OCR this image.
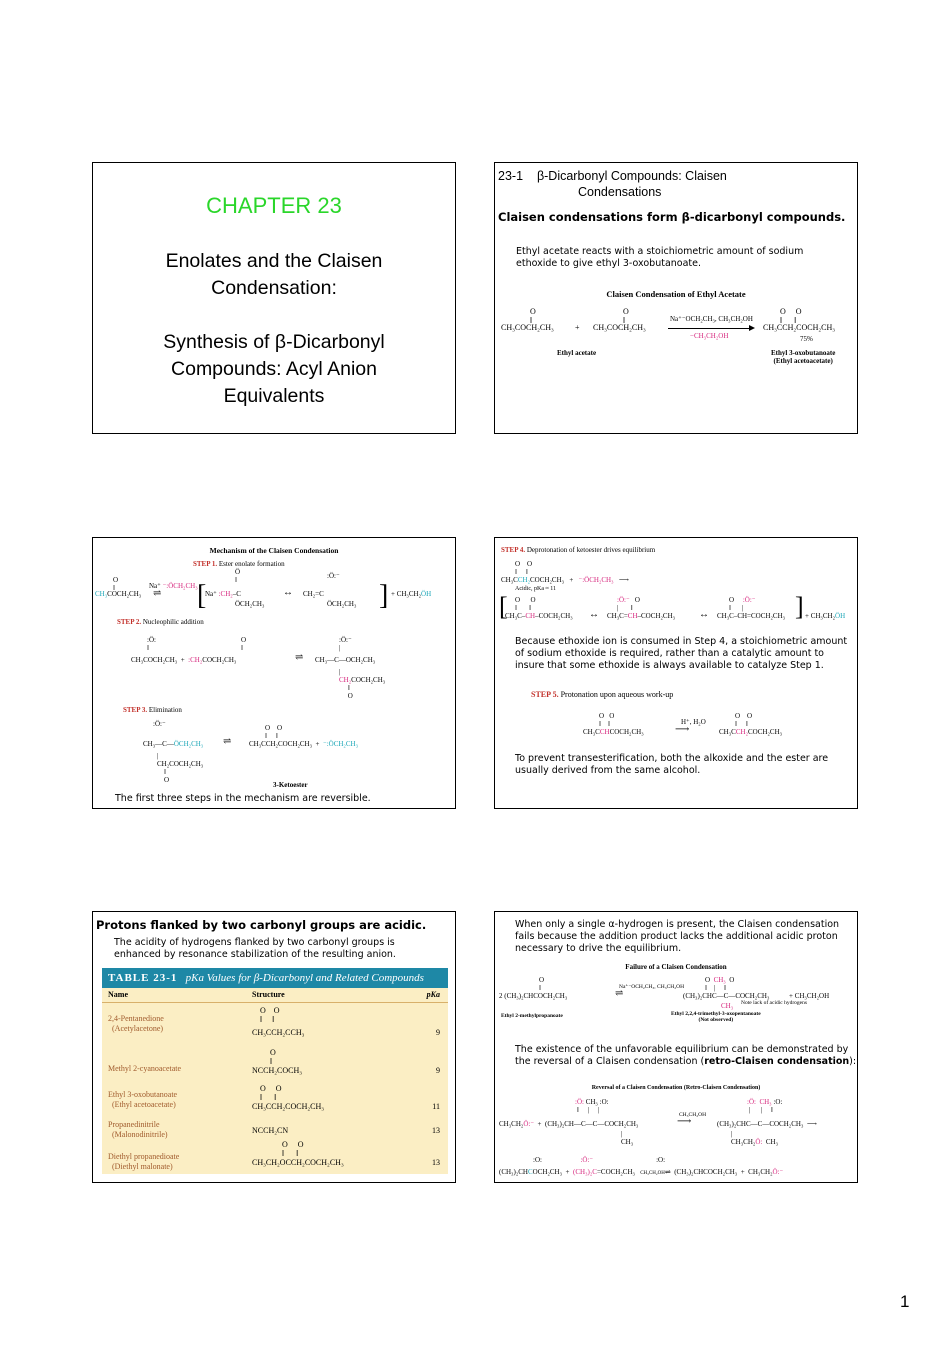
CHAPTER 23
Enolates and the Claisen
Condensation:
Synthesis of β-Dicarbonyl
Compounds: Acyl Anion
Equivalents
23-1 β-Dicarbonyl Compounds: Claisen
Condensations
Claisen condensations form β-dicarbonyl compounds.
Ethyl acetate reacts with a stoichiometric amount of sodium ethoxide to give ethyl 3-oxobutanoate.
Claisen Condensation of Ethyl Acetate
O
‖
CH₃COCH₂CH₃	+
O
‖
CH₃COCH₂CH₃
Na⁺⁻OCH₂CH₃, CH₃CH₂OH
−CH₃CH₂OH
O     O
‖      ‖
CH₃CCH₂COCH₂CH₃
75%
Ethyl acetate	Ethyl 3-oxobutanoate
(Ethyl acetoacetate)
Mechanism of the Claisen Condensation
STEP 1. Ester enolate formation
O
‖
CH₃COCH₂CH₃
Na⁺ ⁻:ÖCH₂CH₃
⇌ [
Na⁺ :CH₂–C
Ö
‖
ÖCH₂CH₃
↔ CH₂=C
:Ö:⁻
ÖCH₂CH₃ ] + CH₃CH₂ÖH
STEP 2. Nucleophilic addition
:Ö:
‖
CH₃COCH₂CH₃  +  :CH₂COCH₂CH₃
O
‖
⇌
:Ö:⁻
|
CH₃—C—OCH₂CH₃
|
CH₂COCH₂CH₃
‖
O
STEP 3. Elimination
:Ö:⁻
CH₃—C—ÖCH₂CH₃
|
CH₂COCH₂CH₃
‖
O
⇌
O    O
‖     ‖
CH₃CCH₂COCH₂CH₃  +  ⁻:ÖCH₂CH₃
3-Ketoester
The first three steps in the mechanism are reversible.
STEP 4. Deprotonation of ketoester drives equilibrium
O    O
‖     ‖
CH₃CCH₂COCH₂CH₃   +   ⁻:ÖCH₂CH₃   ⟶
Acidic, pKa ≈ 11
[ O      O
‖       ‖
CH₃C–CH–COCH₂CH₃ ↔
:Ö:⁻   O
|       ‖
CH₃C=CH–COCH₂CH₃ ↔
O     :Ö:⁻
‖      |
CH₃C–CH=COCH₂CH₃ ] + CH₃CH₂ÖH
Because ethoxide ion is consumed in Step 4, a stoichiometric amount of sodium ethoxide is required, rather than a catalytic amount to insure that some ethoxide is always available to catalyze Step 1.
STEP 5. Protonation upon aqueous work-up
O   O
‖    ‖
CH₃CCHCOCH₂CH₃
H⁺, H₂O
⟶
O    O
‖     ‖
CH₃CCH₂COCH₂CH₃
To prevent transesterification, both the alkoxide and the ester are usually derived from the same alcohol.
Protons flanked by two carbonyl groups are acidic.
The acidity of hydrogens flanked by two carbonyl groups is enhanced by resonance stabilization of the resulting anion.
TABLE 23-1 pKa Values for β-Dicarbonyl and Related Compounds
Name	Structure	pKa
2,4-Pentanedione
(Acetylacetone)
O    O
‖     ‖
CH₃CCH₂CCH₃	9
Methyl 2-cyanoacetate
O
‖
NCCH₂COCH₃	9
Ethyl 3-oxobutanoate
(Ethyl acetoacetate)
O     O
‖      ‖
CH₃CCH₂COCH₂CH₃	11
Propanedinitrile
(Malonodinitrile)	NCCH₂CN	13
Diethyl propanedioate
(Diethyl malonate)
O     O
‖      ‖
CH₃CH₂OCCH₂COCH₂CH₃	13
When only a single α-hydrogen is present, the Claisen condensation fails because the addition product lacks the additional acidic proton necessary to drive the equilibrium.
Failure of a Claisen Condensation
O
‖
2 (CH₃)₂CHCOCH₂CH₃
Na⁺⁻OCH₂CH₃, CH₃CH₂OH
⇌
O  CH₃  O
‖    |     ‖
(CH₃)₂CHC—C—COCH₂CH₃	+ CH₃CH₂OH
CH₃ Note lack of acidic hydrogens
Ethyl 2-methylpropanoate	Ethyl 2,2,4-trimethyl-3-oxopentanoate
(Not observed)
The existence of the unfavorable equilibrium can be demonstrated by the reversal of a Claisen condensation (retro-Claisen condensation):
Reversal of a Claisen Condensation (Retro-Claisen Condensation)
:Ö: CH₃ :O:
‖     |     |
CH₃CH₂Ö:⁻  +  (CH₃)₂CH—C—C—COCH₂CH₃
|
CH₃
CH₃CH₂OH
⟶
:Ö: CH₃ :O:
|      |     ‖
(CH₃)₂CHC—C—COCH₂CH₃  ⟶
|
CH₃CH₂Ö:  CH₃
:O:                      :Ö:⁻                                    :O:
(CH₃)₂CHCOCH₂CH₃  +  (CH₃)₂C=COCH₂CH₃   CH₃CH₂OH⇌  (CH₃)₂CHCOCH₂CH₃  +  CH₃CH₂Ö:⁻
1
